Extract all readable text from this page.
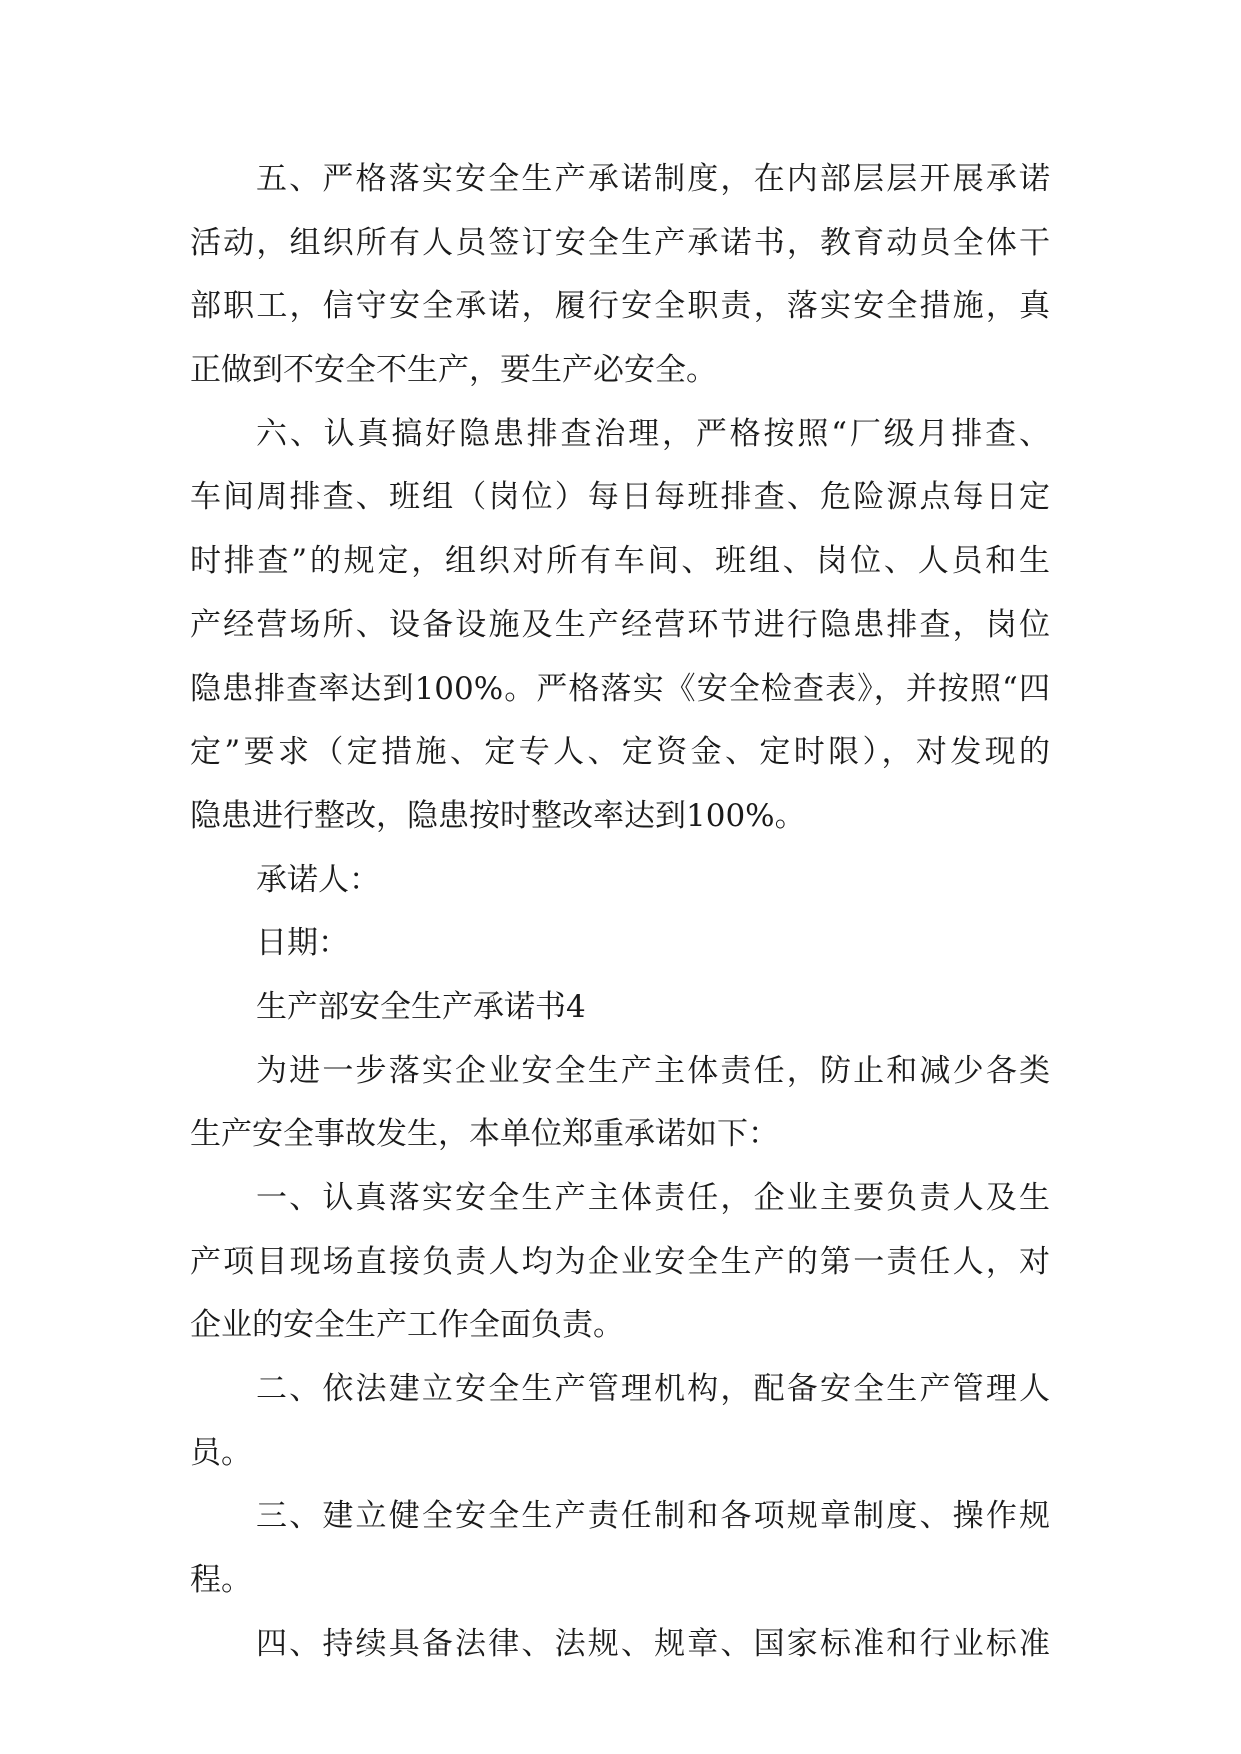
五、严格落实安全生产承诺制度，在内部层层开展承诺
活动，组织所有人员签订安全生产承诺书，教育动员全体干
部职工，信守安全承诺，履行安全职责，落实安全措施，真
正做到不安全不生产，要生产必安全。
六、认真搞好隐患排查治理，严格按照“厂级月排查、
车间周排查、班组（岗位）每日每班排查、危险源点每日定
时排查”的规定，组织对所有车间、班组、岗位、人员和生
产经营场所、设备设施及生产经营环节进行隐患排查，岗位
隐患排查率达到100%。严格落实《安全检查表》，并按照“四
定”要求（定措施、定专人、定资金、定时限），对发现的
隐患进行整改，隐患按时整改率达到100%。
承诺人：
日期：
生产部安全生产承诺书4
为进一步落实企业安全生产主体责任，防止和减少各类
生产安全事故发生，本单位郑重承诺如下：
一、认真落实安全生产主体责任，企业主要负责人及生
产项目现场直接负责人均为企业安全生产的第一责任人，对
企业的安全生产工作全面负责。
二、依法建立安全生产管理机构，配备安全生产管理人
员。
三、建立健全安全生产责任制和各项规章制度、操作规
程。
四、持续具备法律、法规、规章、国家标准和行业标准
